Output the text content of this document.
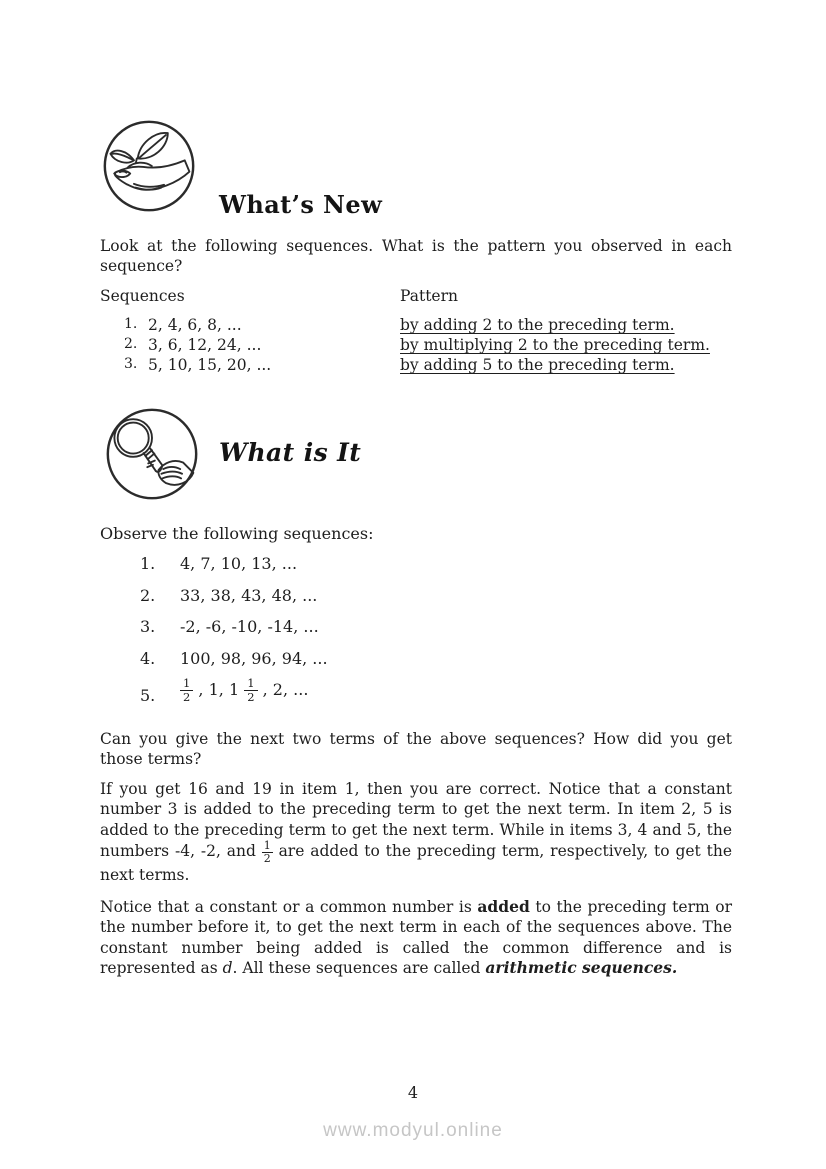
What’s New
Look at the following sequences. What is the pattern you observed in each sequence?
Sequences	Pattern
1. 2, 4, 6, 8, ...	by adding 2 to the preceding term.
2. 3, 6, 12, 24, ...	by multiplying 2 to the preceding term.
3. 5, 10, 15, 20, ...	by adding 5 to the preceding term.
What is It
Observe the following sequences:
1. 4, 7, 10, 13, ...
2. 33, 38, 43, 48, ...
3. -2, -6, -10, -14, ...
4. 100, 98, 96, 94, ...
5. $\frac{1}{2}$ , 1, $1 \frac{1}{2}$ , 2, ...
Can you give the next two terms of the above sequences? How did you get those terms?
If you get 16 and 19 in item 1, then you are correct. Notice that a constant number 3 is added to the preceding term to get the next term. In item 2, 5 is added to the preceding term to get the next term. While in items 3, 4 and 5, the numbers -4, -2, and $\frac{1}{2}$ are added to the preceding term, respectively, to get the next terms.
Notice that a constant or a common number is added to the preceding term or the number before it, to get the next term in each of the sequences above. The constant number being added is called the common difference and is represented as d. All these sequences are called arithmetic sequences.
4
www.modyul.online
